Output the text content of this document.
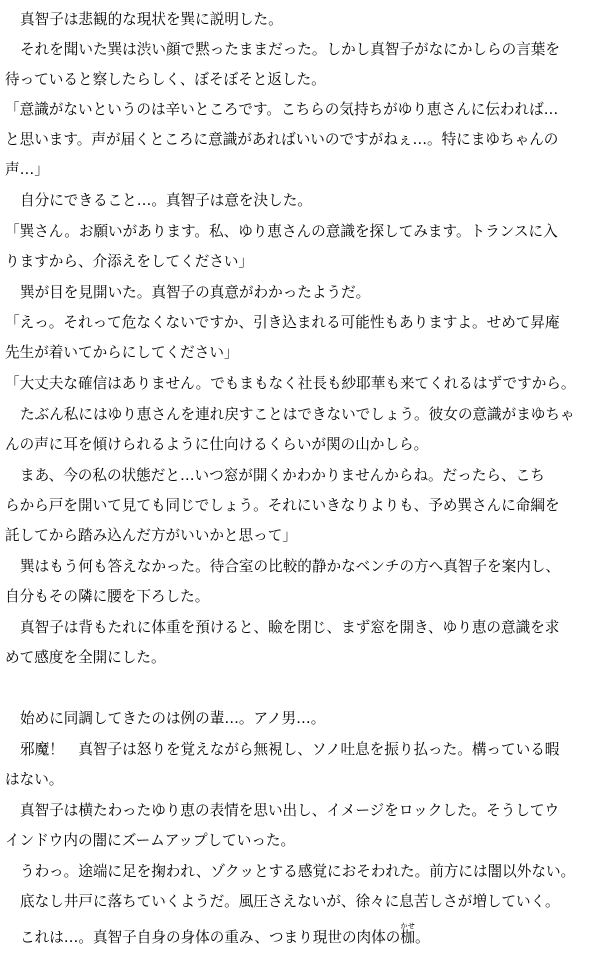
真智子は悲観的な現状を巽に説明した。
それを聞いた巽は渋い顔で黙ったままだった。しかし真智子がなにかしらの言葉を
待っていると察したらしく、ぼそぼそと返した。
「意識がないというのは辛いところです。こちらの気持ちがゆり恵さんに伝われば…
と思います。声が届くところに意識があればいいのですがねぇ…。特にまゆちゃんの
声…」
自分にできること…。真智子は意を決した。
「巽さん。お願いがあります。私、ゆり恵さんの意識を探してみます。トランスに入
りますから、介添えをしてください」
巽が目を見開いた。真智子の真意がわかったようだ。
「えっ。それって危なくないですか、引き込まれる可能性もありますよ。せめて昇庵
先生が着いてからにしてください」
「大丈夫な確信はありません。でもまもなく社長も紗耶華も来てくれるはずですから。
たぶん私にはゆり恵さんを連れ戻すことはできないでしょう。彼女の意識がまゆちゃ
んの声に耳を傾けられるように仕向けるくらいが関の山かしら。
まあ、今の私の状態だと…いつ窓が開くかわかりませんからね。だったら、こち
らから戸を開いて見ても同じでしょう。それにいきなりよりも、予め巽さんに命綱を
託してから踏み込んだ方がいいかと思って」
巽はもう何も答えなかった。待合室の比較的静かなベンチの方へ真智子を案内し、
自分もその隣に腰を下ろした。
真智子は背もたれに体重を預けると、瞼を閉じ、まず窓を開き、ゆり恵の意識を求
めて感度を全開にした。
始めに同調してきたのは例の輩…。アノ男…。
邪魔！　真智子は怒りを覚えながら無視し、ソノ吐息を振り払った。構っている暇
はない。
真智子は横たわったゆり恵の表情を思い出し、イメージをロックした。そうしてウ
インドウ内の闇にズームアップしていった。
うわっ。途端に足を掬われ、ゾクッとする感覚におそわれた。前方には闇以外ない。
底なし井戸に落ちていくようだ。風圧さえないが、徐々に息苦しさが増していく。
これは…。真智子自身の身体の重み、つまり現世の肉体の枷かせ。
